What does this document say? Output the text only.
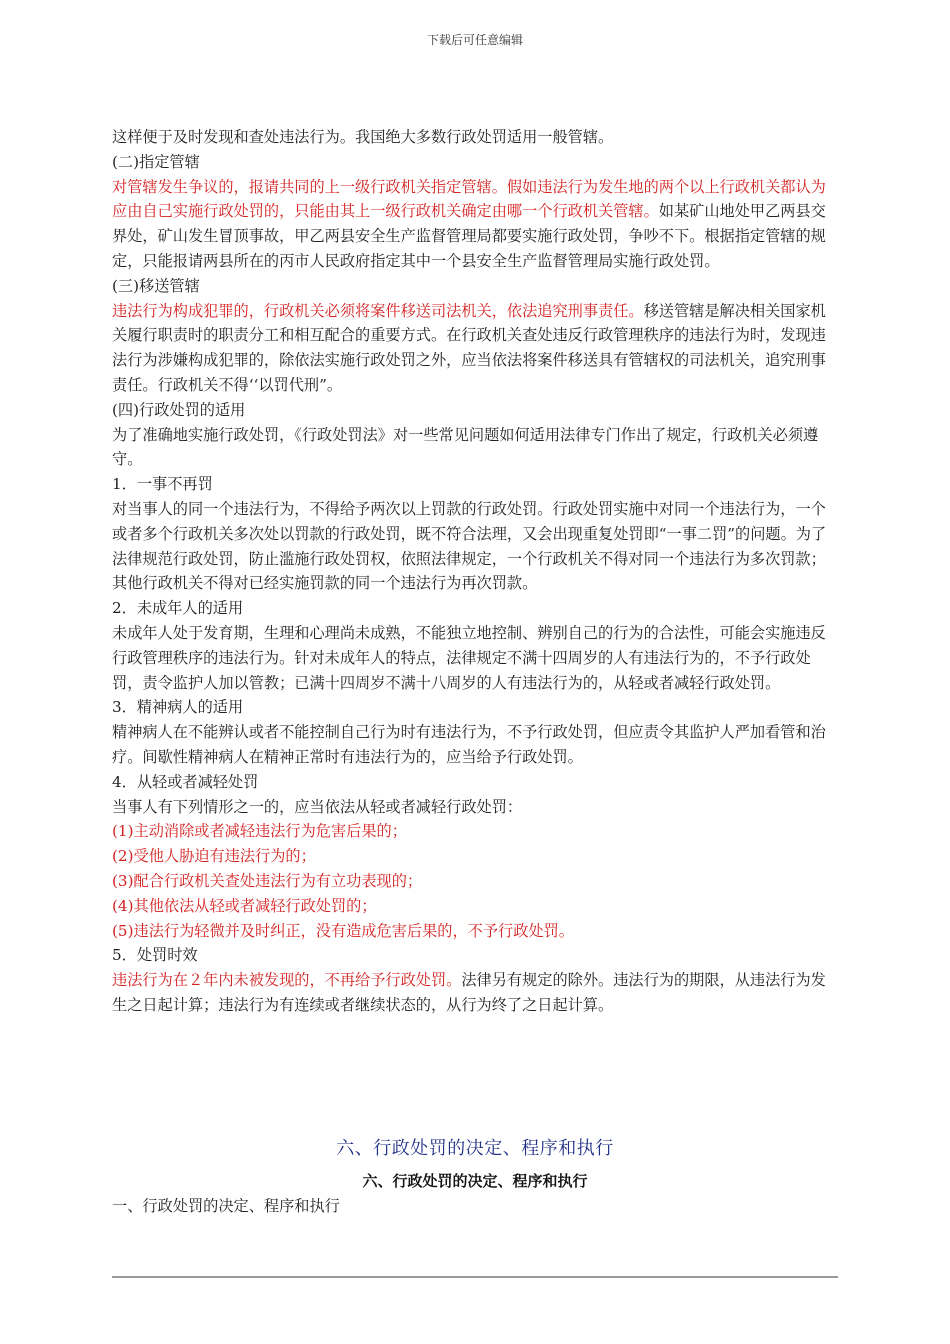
下载后可任意编辑

这样便于及时发现和查处违法行为。我国绝大多数行政处罚适用一般管辖。

(二)指定管辖

对管辖发生争议的，报请共同的上一级行政机关指定管辖。假如违法行为发生地的两个以上行政机关都认为应由自己实施行政处罚的，只能由其上一级行政机关确定由哪一个行政机关管辖。如某矿山地处甲乙两县交界处，矿山发生冒顶事故，甲乙两县安全生产监督管理局都要实施行政处罚，争吵不下。根据指定管辖的规定，只能报请两县所在的丙市人民政府指定其中一个县安全生产监督管理局实施行政处罚。

(三)移送管辖

违法行为构成犯罪的，行政机关必须将案件移送司法机关，依法追究刑事责任。移送管辖是解决相关国家机关履行职责时的职责分工和相互配合的重要方式。在行政机关查处违反行政管理秩序的违法行为时，发现违法行为涉嫌构成犯罪的，除依法实施行政处罚之外，应当依法将案件移送具有管辖权的司法机关，追究刑事责任。行政机关不得‘‘以罚代刑”。

(四)行政处罚的适用

为了准确地实施行政处罚，《行政处罚法》对一些常见问题如何适用法律专门作出了规定，行政机关必须遵守。

1．一事不再罚

对当事人的同一个违法行为，不得给予两次以上罚款的行政处罚。行政处罚实施中对同一个违法行为，一个或者多个行政机关多次处以罚款的行政处罚，既不符合法理，又会出现重复处罚即“一事二罚”的问题。为了法律规范行政处罚，防止滥施行政处罚权，依照法律规定，一个行政机关不得对同一个违法行为多次罚款；其他行政机关不得对已经实施罚款的同一个违法行为再次罚款。

2．未成年人的适用

未成年人处于发育期，生理和心理尚未成熟，不能独立地控制、辨别自己的行为的合法性，可能会实施违反行政管理秩序的违法行为。针对未成年人的特点，法律规定不满十四周岁的人有违法行为的，不予行政处罚，责令监护人加以管教；已满十四周岁不满十八周岁的人有违法行为的，从轻或者减轻行政处罚。

3．精神病人的适用

精神病人在不能辨认或者不能控制自己行为时有违法行为，不予行政处罚，但应责令其监护人严加看管和治疗。间歇性精神病人在精神正常时有违法行为的，应当给予行政处罚。

4．从轻或者减轻处罚

当事人有下列情形之一的，应当依法从轻或者减轻行政处罚：

(1)主动消除或者减轻违法行为危害后果的；

(2)受他人胁迫有违法行为的；

(3)配合行政机关查处违法行为有立功表现的；

(4)其他依法从轻或者减轻行政处罚的；

(5)违法行为轻微并及时纠正，没有造成危害后果的，不予行政处罚。

5．处罚时效

违法行为在２年内未被发现的，不再给予行政处罚。法律另有规定的除外。违法行为的期限，从违法行为发生之日起计算；违法行为有连续或者继续状态的，从行为终了之日起计算。

六、行政处罚的决定、程序和执行
六、行政处罚的决定、程序和执行
一、行政处罚的决定、程序和执行
